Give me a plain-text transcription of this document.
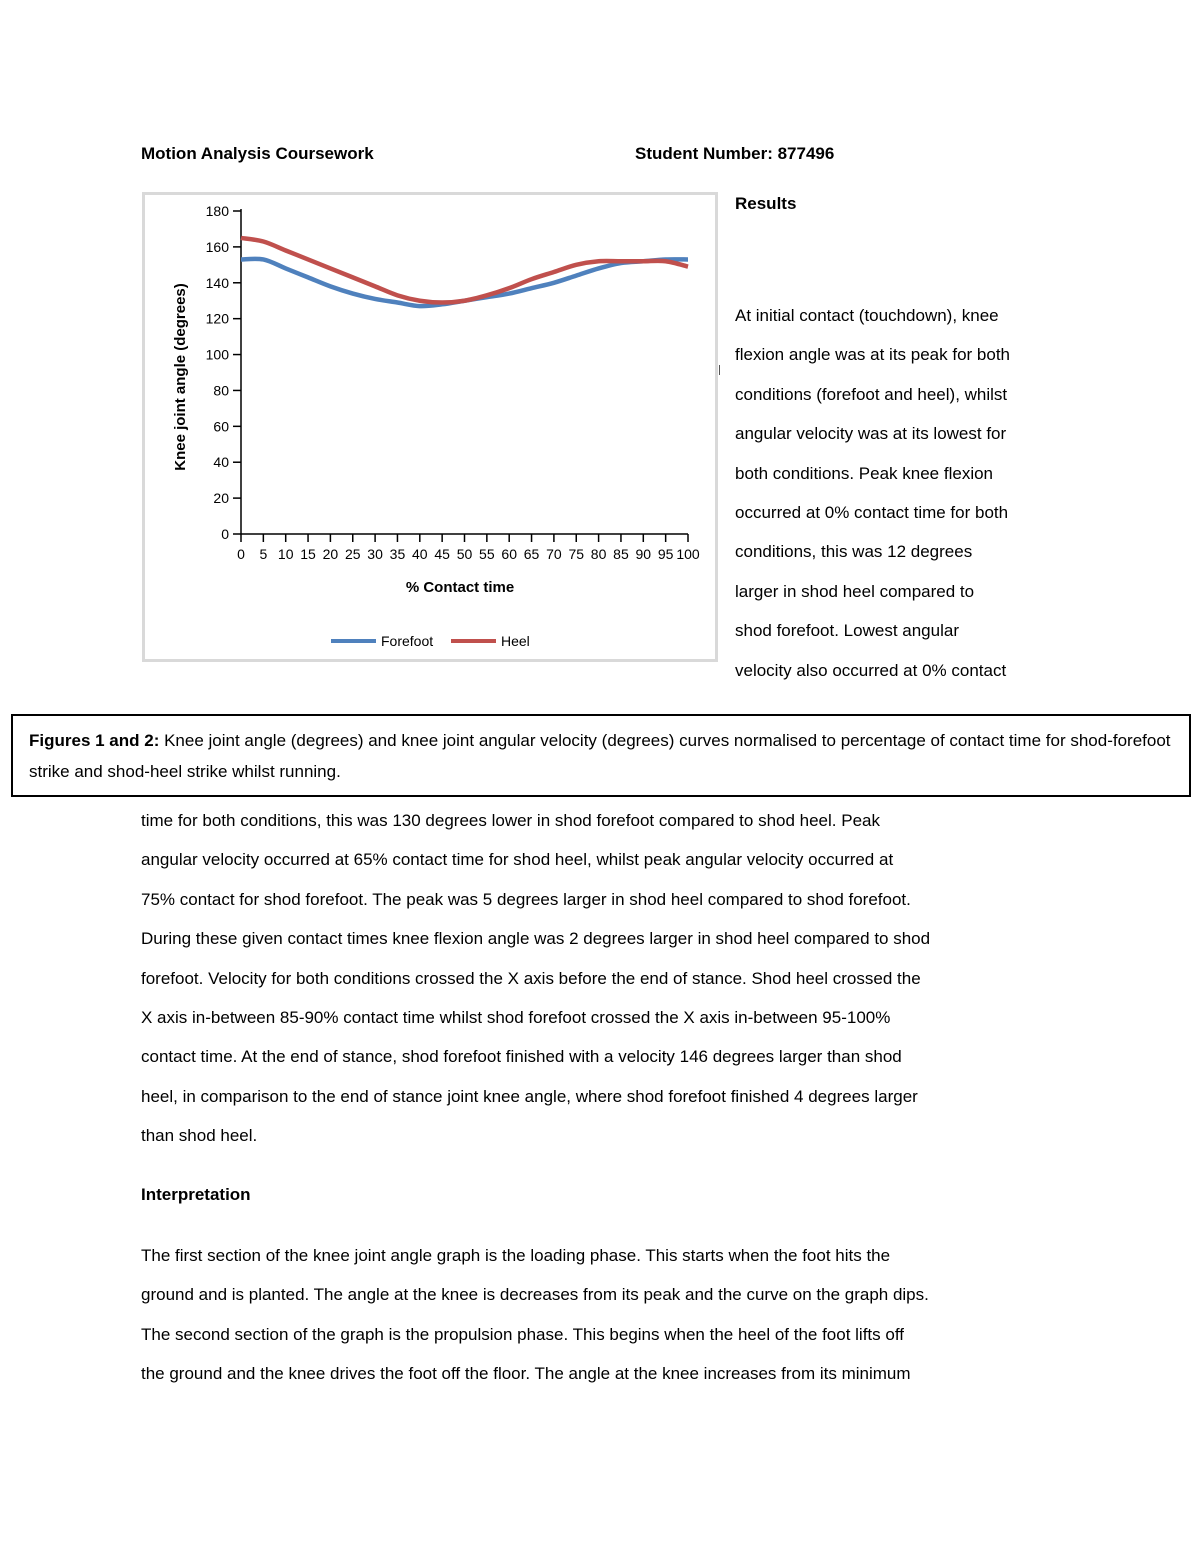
Motion Analysis Coursework	Student Number: 877496
0
20
40
60
80
100
120
140
160
180
0 5 10 15 20 25 30 35 40 45 50 55 60 65 70 75 80 85 90 95 100
Knee joint angle (degrees)
% Contact time
Forefoot	Heel

Results

At initial contact (touchdown), knee
flexion angle was at its peak for both
conditions (forefoot and heel), whilst
angular velocity was at its lowest for
both conditions. Peak knee flexion
occurred at 0% contact time for both
conditions, this was 12 degrees
larger in shod heel compared to
shod forefoot. Lowest angular
velocity also occurred at 0% contact

Figures 1 and 2: Knee joint angle (degrees) and knee joint angular velocity (degrees) curves normalised to percentage of contact time for shod-forefoot strike and shod-heel strike whilst running.

time for both conditions, this was 130 degrees lower in shod forefoot compared to shod heel. Peak
angular velocity occurred at 65% contact time for shod heel, whilst peak angular velocity occurred at
75% contact for shod forefoot. The peak was 5 degrees larger in shod heel compared to shod forefoot.
During these given contact times knee flexion angle was 2 degrees larger in shod heel compared to shod
forefoot. Velocity for both conditions crossed the X axis before the end of stance. Shod heel crossed the
X axis in-between 85-90% contact time whilst shod forefoot crossed the X axis in-between 95-100%
contact time. At the end of stance, shod forefoot finished with a velocity 146 degrees larger than shod
heel, in comparison to the end of stance joint knee angle, where shod forefoot finished 4 degrees larger
than shod heel.

Interpretation

The first section of the knee joint angle graph is the loading phase. This starts when the foot hits the
ground and is planted. The angle at the knee is decreases from its peak and the curve on the graph dips.
The second section of the graph is the propulsion phase. This begins when the heel of the foot lifts off
the ground and the knee drives the foot off the floor. The angle at the knee increases from its minimum
